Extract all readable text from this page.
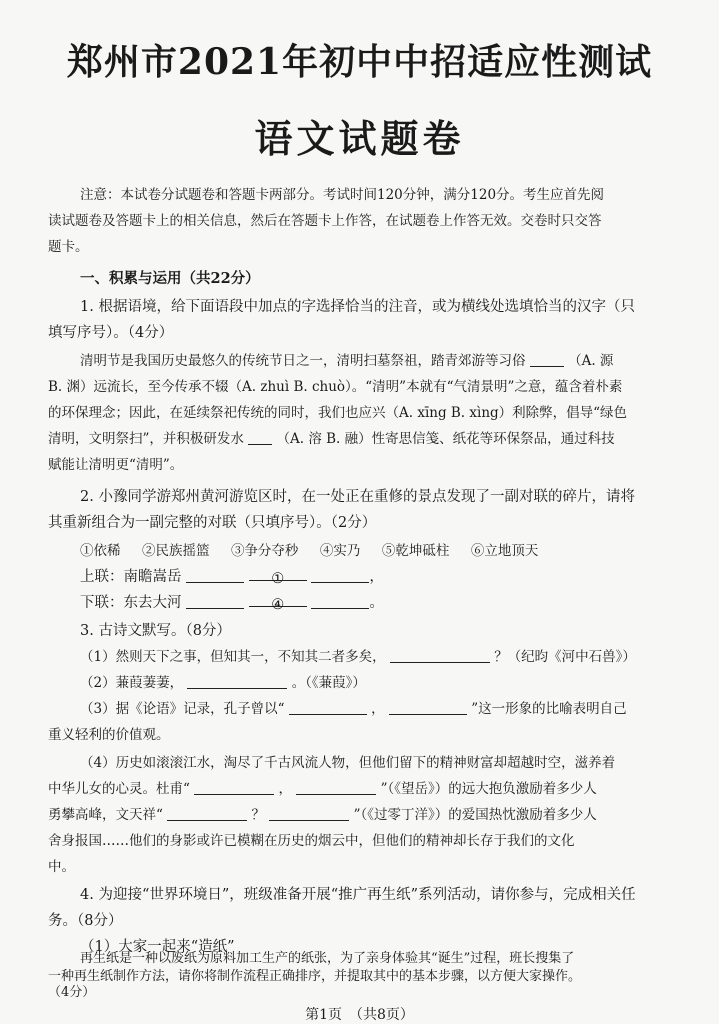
郑州市2021年初中中招适应性测试
语文试题卷
注意：本试卷分试题卷和答题卡两部分。考试时间120分钟，满分120分。考生应首先阅
读试题卷及答题卡上的相关信息，然后在答题卡上作答，在试题卷上作答无效。交卷时只交答
题卡。
一、积累与运用（共22分）
1. 根据语境，给下面语段中加点的字选择恰当的注音，或为横线处选填恰当的汉字（只
填写序号）。（4分）
清明节是我国历史最悠久的传统节日之一，清明扫墓祭祖，踏青郊游等习俗	（A. 源
B. 渊）远流长，至今传承不辍（A. zhuì B. chuò）。“清明”本就有“气清景明”之意，蕴含着朴素
的环保理念；因此，在延续祭祀传统的同时，我们也应兴（A. xīng B. xìng）利除弊，倡导“绿色
清明，文明祭扫”，并积极研发水 （A. 溶 B. 融）性寄思信笺、纸花等环保祭品，通过科技
赋能让清明更“清明”。
2. 小豫同学游郑州黄河游览区时，在一处正在重修的景点发现了一副对联的碎片，请将
其重新组合为一副完整的对联（只填序号）。（2分）
①依稀 ②民族摇篮 ③争分夺秒 ④实乃 ⑤乾坤砥柱 ⑥立地顶天
上联：南瞻嵩岳	①	，
下联：东去大河	④	。
3. 古诗文默写。（8分）
（1）然则天下之事，但知其一，不知其二者多矣，	？（纪昀《河中石兽》）
（2）蒹葭萋萋，	。（《蒹葭》）
（3）据《论语》记录，孔子曾以“	，	”这一形象的比喻表明自己
重义轻利的价值观。
（4）历史如滚滚江水，淘尽了千古风流人物，但他们留下的精神财富却超越时空，滋养着
中华儿女的心灵。杜甫“	，	”（《望岳》）的远大抱负激励着多少人
勇攀高峰，文天祥“	？	”（《过零丁洋》）的爱国热忱激励着多少人
舍身报国……他们的身影或许已模糊在历史的烟云中，但他们的精神却长存于我们的文化
中。
4. 为迎接“世界环境日”，班级准备开展“推广再生纸”系列活动，请你参与，完成相关任
务。（8分）
（1）大家一起来“造纸”
第1页　（共8页）
再生纸是一种以废纸为原料加工生产的纸张，为了亲身体验其“诞生”过程，班长搜集了
一种再生纸制作方法，请你将制作流程正确排序，并提取其中的基本步骤，以方便大家操作。
（4分）
